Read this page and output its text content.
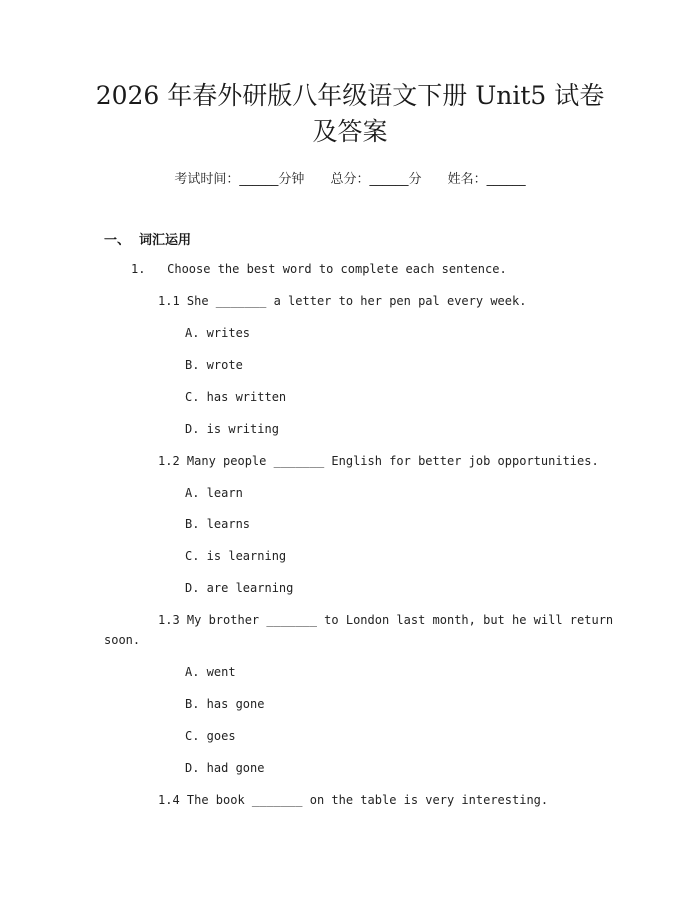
2026 年春外研版八年级语文下册 Unit5 试卷
及答案
考试时间：______分钟 总分：______分 姓名：______
一、 词汇运用
1.   Choose the best word to complete each sentence.
1.1 She _______ a letter to her pen pal every week.
A. writes
B. wrote
C. has written
D. is writing
1.2 Many people _______ English for better job opportunities.
A. learn
B. learns
C. is learning
D. are learning
1.3 My brother _______ to London last month, but he will return
soon.
A. went
B. has gone
C. goes
D. had gone
1.4 The book _______ on the table is very interesting.
